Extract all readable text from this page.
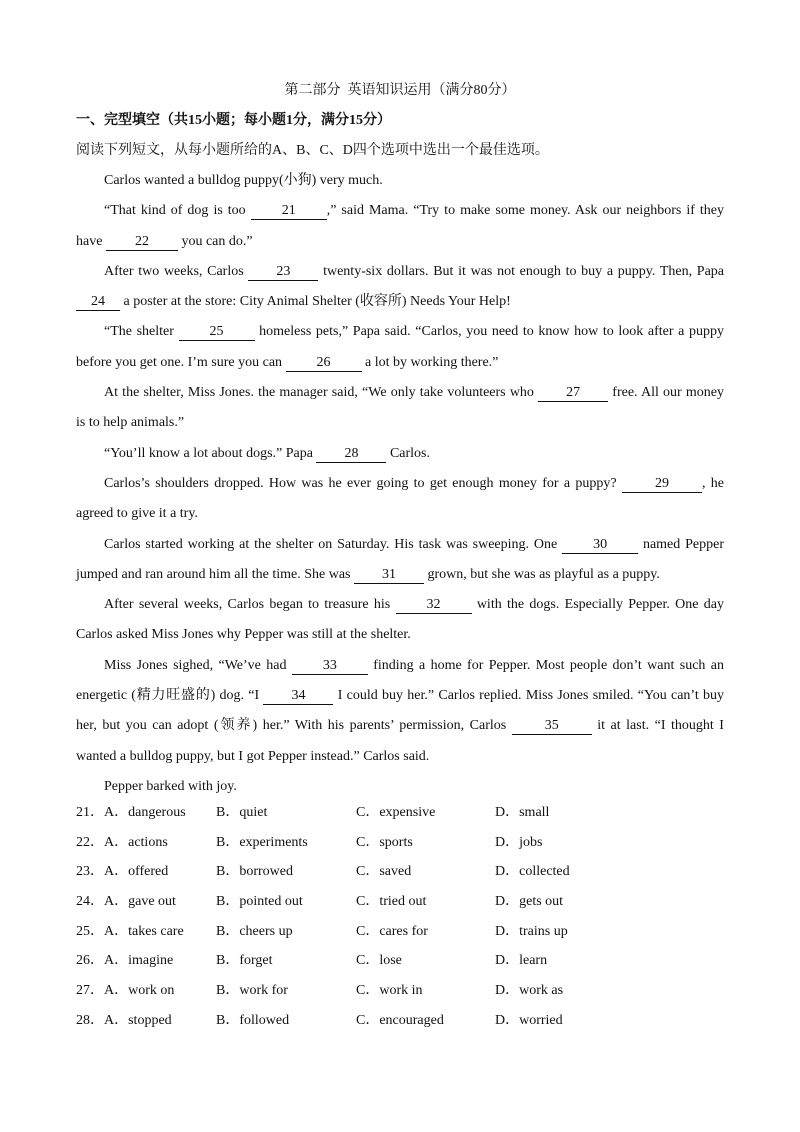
第二部分  英语知识运用（满分80分）
一、完型填空（共15小题；每小题1分，满分15分）
阅读下列短文，从每小题所给的A、B、C、D四个选项中选出一个最佳选项。

Carlos wanted a bulldog puppy(小狗) very much.

“That kind of dog is too 21 ,” said Mama. “Try to make some money. Ask our neighbors if they have 22 you can do.”

After two weeks, Carlos 23 twenty-six dollars. But it was not enough to buy a puppy. Then, Papa 24 a poster at the store: City Animal Shelter (收容所) Needs Your Help!

“The shelter 25 homeless pets,” Papa said. “Carlos, you need to know how to look after a puppy before you get one. I’m sure you can 26 a lot by working there.”

At the shelter, Miss Jones. the manager said, “We only take volunteers who 27 free. All our money is to help animals.”

“You’ll know a lot about dogs.” Papa 28 Carlos.

Carlos’s shoulders dropped. How was he ever going to get enough money for a puppy? 29 , he agreed to give it a try.

Carlos started working at the shelter on Saturday. His task was sweeping. One 30 named Pepper jumped and ran around him all the time. She was 31 grown, but she was as playful as a puppy.

After several weeks, Carlos began to treasure his 32 with the dogs. Especially Pepper. One day Carlos asked Miss Jones why Pepper was still at the shelter.

Miss Jones sighed, “We’ve had 33 finding a home for Pepper. Most people don’t want such an energetic (精力旺盛的) dog. “I 34 I could buy her.” Carlos replied. Miss Jones smiled. “You can’t buy her, but you can adopt (领养) her.” With his parents’ permission, Carlos 35 it at last. “I thought I wanted a bulldog puppy, but I got Pepper instead.” Carlos said.

Pepper barked with joy.

21． A．dangerous B．quiet	C．expensive	D．small
22． A．actions	B．experiments	C．sports	D．jobs
23． A．offered	B．borrowed	C．saved	D．collected
24． A．gave out	B．pointed out	C．tried out	D．gets out
25． A．takes care B．cheers up	C．cares for	D．trains up
26． A．imagine	B．forget	C．lose	D．learn
27． A．work on	B．work for	C．work in	D．work as
28． A．stopped	B．followed	C．encouraged	D．worried
